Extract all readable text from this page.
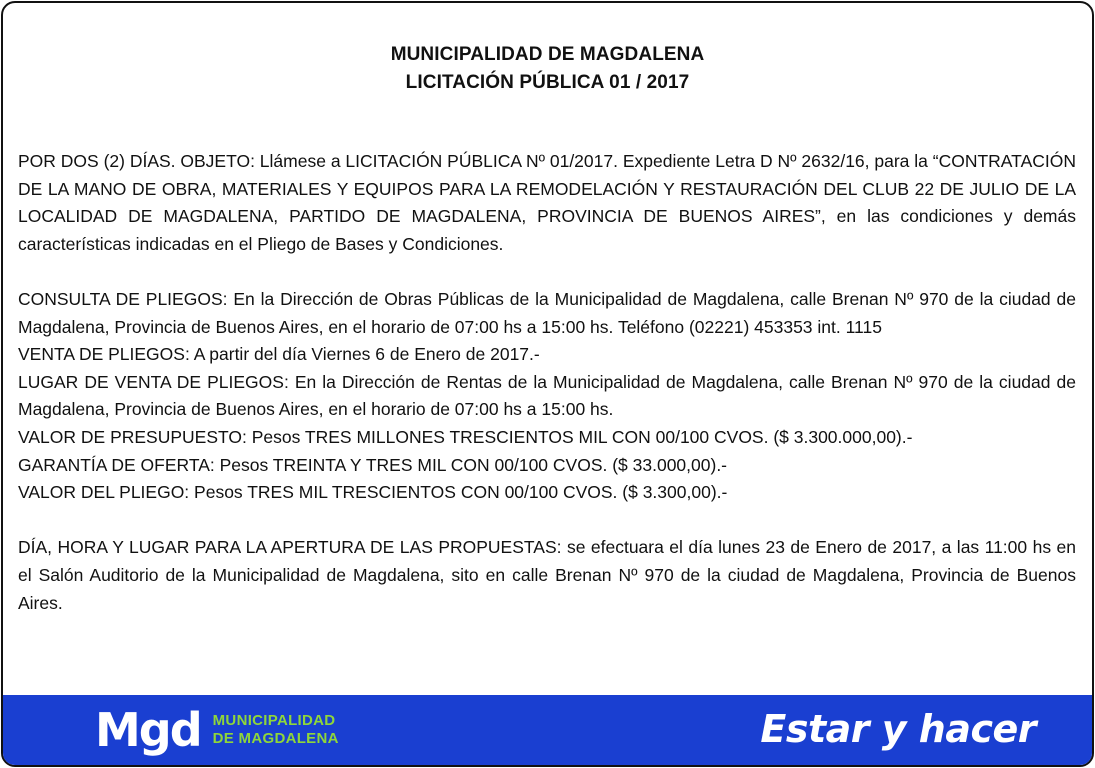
MUNICIPALIDAD DE MAGDALENA
LICITACIÓN PÚBLICA 01 / 2017

POR DOS (2) DÍAS. OBJETO: Llámese a LICITACIÓN PÚBLICA Nº 01/2017. Expediente Letra D Nº 2632/16, para la “CONTRATACIÓN DE LA MANO DE OBRA, MATERIALES Y EQUIPOS PARA LA REMODELACIÓN Y RESTAURACIÓN DEL CLUB 22 DE JULIO DE LA LOCALIDAD DE MAGDALENA, PARTIDO DE MAGDALENA, PROVINCIA DE BUENOS AIRES”, en las condiciones y demás características indicadas en el Pliego de Bases y Condiciones.

CONSULTA DE PLIEGOS: En la Dirección de Obras Públicas de la Municipalidad de Magdalena, calle Brenan Nº 970 de la ciudad de Magdalena, Provincia de Buenos Aires, en el horario de 07:00 hs a 15:00 hs. Teléfono (02221) 453353 int. 1115

VENTA DE PLIEGOS: A partir del día Viernes 6 de Enero de 2017.-

LUGAR DE VENTA DE PLIEGOS: En la Dirección de Rentas de la Municipalidad de Magdalena, calle Brenan Nº 970 de la ciudad de Magdalena, Provincia de Buenos Aires, en el horario de 07:00 hs a 15:00 hs.

VALOR DE PRESUPUESTO: Pesos TRES MILLONES TRESCIENTOS MIL CON 00/100 CVOS. ($ 3.300.000,00).-

GARANTÍA DE OFERTA: Pesos TREINTA Y TRES MIL CON 00/100 CVOS. ($ 33.000,00).-

VALOR DEL PLIEGO: Pesos TRES MIL TRESCIENTOS CON 00/100 CVOS. ($ 3.300,00).-

DÍA, HORA Y LUGAR PARA LA APERTURA DE LAS PROPUESTAS: se efectuara el día lunes 23 de Enero de 2017, a las 11:00 hs en el Salón Auditorio de la Municipalidad de Magdalena, sito en calle Brenan Nº 970 de la ciudad de Magdalena, Provincia de Buenos Aires.

Mgd MUNICIPALIDAD
DE MAGDALENA	Estar y hacer
